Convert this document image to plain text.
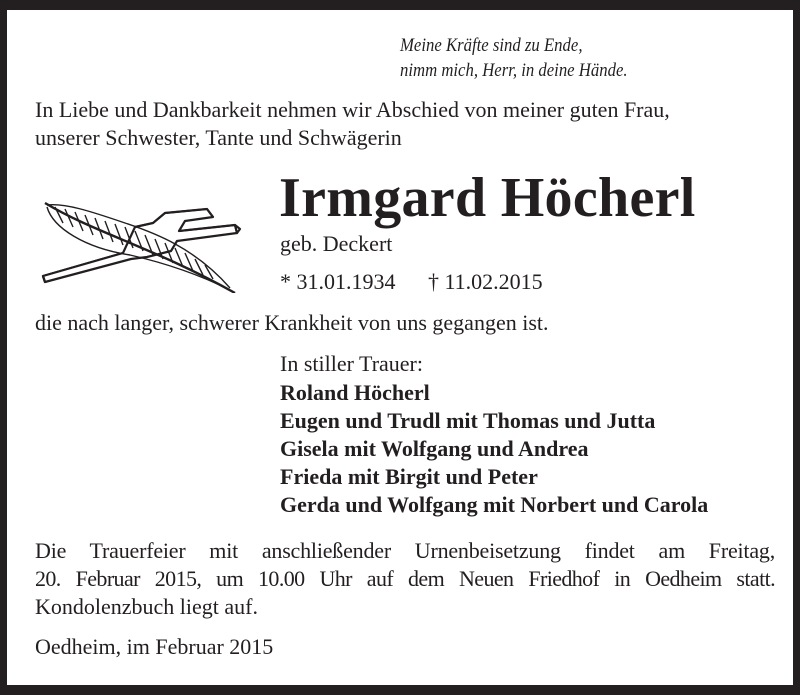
Meine Kräfte sind zu Ende,
nimm mich, Herr, in deine Hände.
In Liebe und Dankbarkeit nehmen wir Abschied von meiner guten Frau,
unserer Schwester, Tante und Schwägerin
Irmgard Höcherl
geb. Deckert
* 31.01.1934 † 11.02.2015
die nach langer, schwerer Krankheit von uns gegangen ist.
In stiller Trauer:
Roland Höcherl
Eugen und Trudl mit Thomas und Jutta
Gisela mit Wolfgang und Andrea
Frieda mit Birgit und Peter
Gerda und Wolfgang mit Norbert und Carola
Die Trauerfeier mit anschließender Urnenbeisetzung findet am Freitag,
20. Februar 2015, um 10.00 Uhr auf dem Neuen Friedhof in Oedheim statt.
Kondolenzbuch liegt auf.
Oedheim, im Februar 2015
